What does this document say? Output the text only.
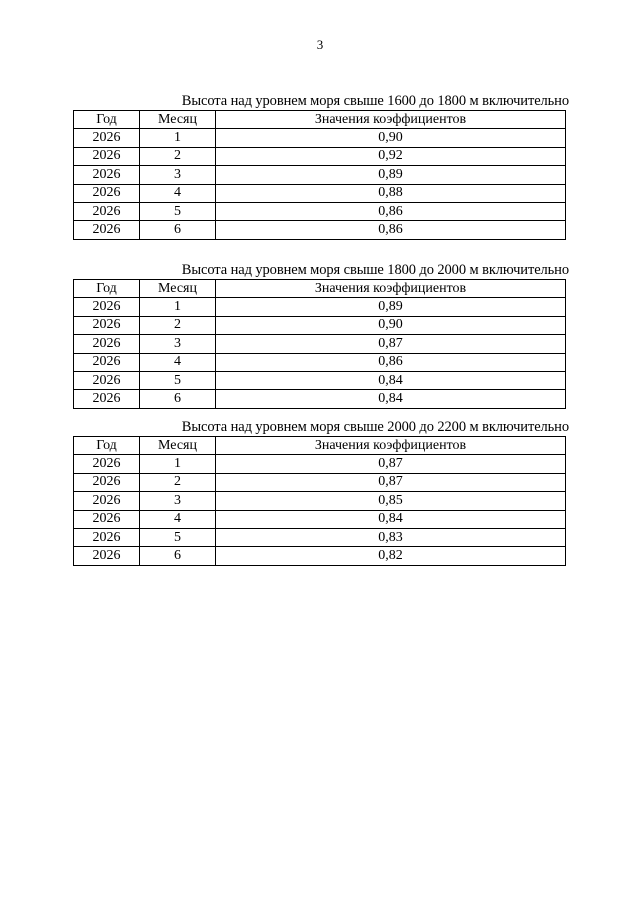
3
Высота над уровнем моря свыше 1600 до 1800 м включительно
Год	Месяц	Значения коэффициентов
2026	1	0,90
2026	2	0,92
2026	3	0,89
2026	4	0,88
2026	5	0,86
2026	6	0,86
Высота над уровнем моря свыше 1800 до 2000 м включительно
Год	Месяц	Значения коэффициентов
2026	1	0,89
2026	2	0,90
2026	3	0,87
2026	4	0,86
2026	5	0,84
2026	6	0,84
Высота над уровнем моря свыше 2000 до 2200 м включительно
Год	Месяц	Значения коэффициентов
2026	1	0,87
2026	2	0,87
2026	3	0,85
2026	4	0,84
2026	5	0,83
2026	6	0,82
